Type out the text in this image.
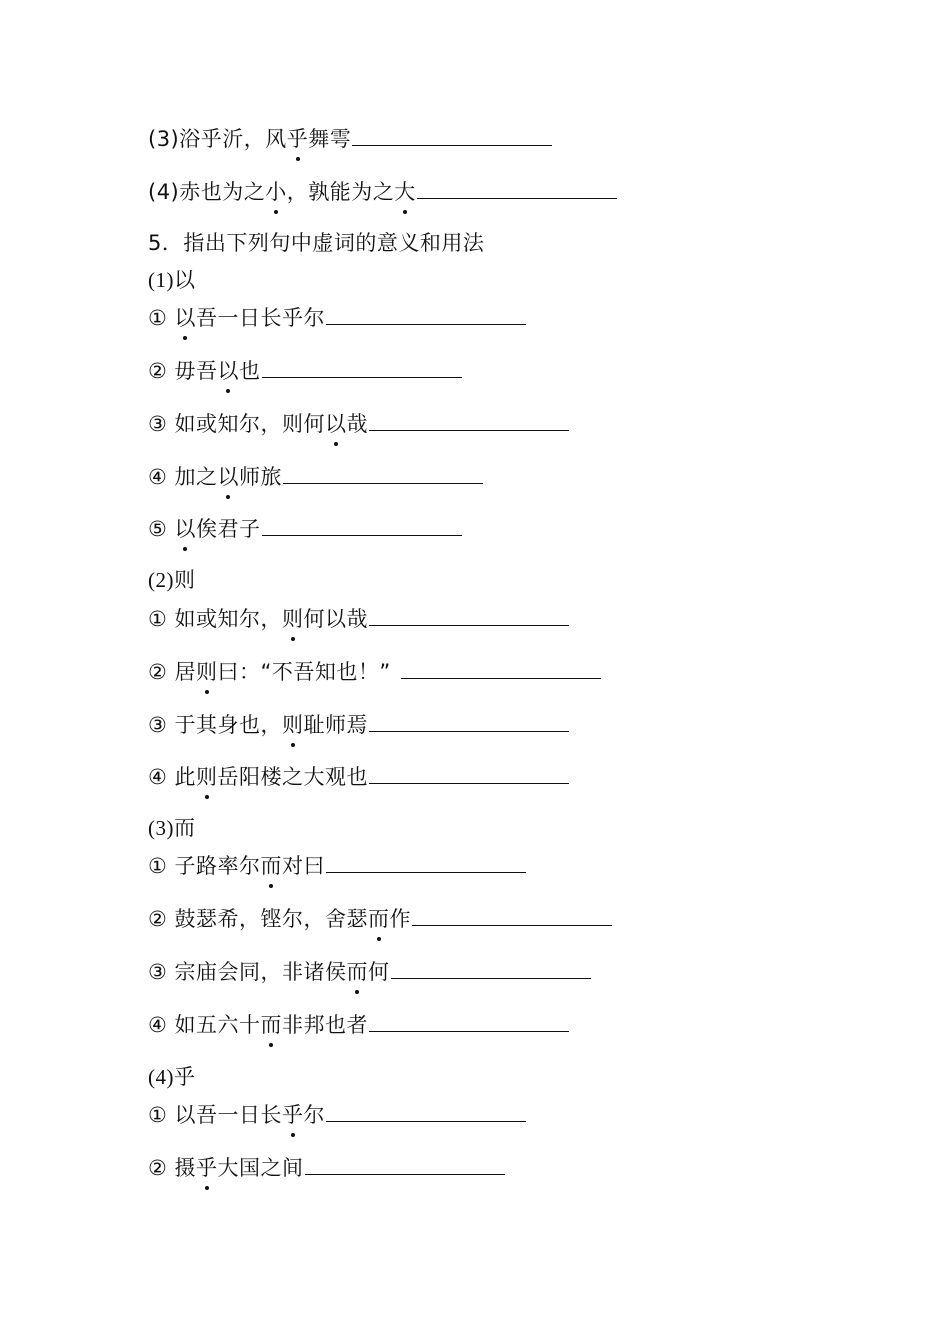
(3)浴乎沂，风乎舞雩
(4)赤也为之小，孰能为之大
5．指出下列句中虚词的意义和用法
(1)以
① 以吾一日长乎尔
② 毋吾以也
③ 如或知尔，则何以哉
④ 加之以师旅
⑤ 以俟君子
(2)则
① 如或知尔，则何以哉
② 居则曰：“不吾知也！”
③ 于其身也，则耻师焉
④ 此则岳阳楼之大观也
(3)而
① 子路率尔而对曰
② 鼓瑟希，铿尔，舍瑟而作
③ 宗庙会同，非诸侯而何
④ 如五六十而非邦也者
(4)乎
① 以吾一日长乎尔
② 摄乎大国之间
